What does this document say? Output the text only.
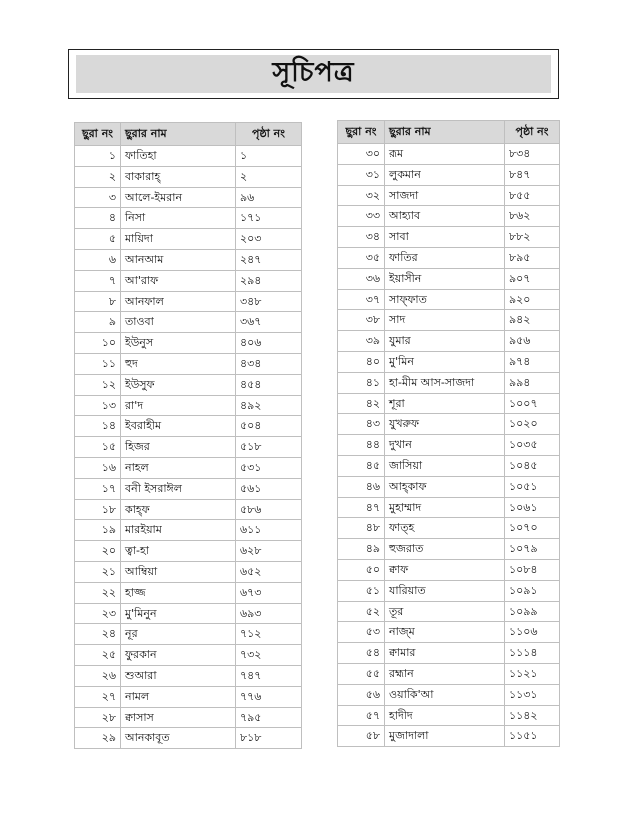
সূচিপত্র
ছুরা নং	ছুরার নাম	পৃষ্ঠা নং
১	ফাতিহা	১
২	বাকারাহ্	২
৩	আলে-ইমরান	৯৬
৪	নিসা	১৭১
৫	মায়িদা	২০৩
৬	আনআম	২৪৭
৭	আ'রাফ	২৯৪
৮	আনফাল	৩৪৮
৯	তাওবা	৩৬৭
১০	ইউনুস	৪০৬
১১	হুদ	৪৩৪
১২	ইউসুফ	৪৫৪
১৩	রা'দ	৪৯২
১৪	ইবরাহীম	৫০৪
১৫	হিজর	৫১৮
১৬	নাহল	৫৩১
১৭	বনী ইসরাঈল	৫৬১
১৮	কাহ্ফ	৫৮৬
১৯	মারইয়াম	৬১১
২০	ত্বা-হা	৬২৮
২১	আম্বিয়া	৬৫২
২২	হাজ্জ	৬৭৩
২৩	মু'মিনুন	৬৯৩
২৪	নূর	৭১২
২৫	ফুরকান	৭৩২
২৬	শুআরা	৭৪৭
২৭	নামল	৭৭৬
২৮	ক্বাসাস	৭৯৫
২৯	আনকাবূত	৮১৮
ছুরা নং	ছুরার নাম	পৃষ্ঠা নং
৩০	রূম	৮৩৪
৩১	লুকমান	৮৪৭
৩২	সাজদা	৮৫৫
৩৩	আহ্যাব	৮৬২
৩৪	সাবা	৮৮২
৩৫	ফাতির	৮৯৫
৩৬	ইয়াসীন	৯০৭
৩৭	সাফ্ফাত	৯২০
৩৮	সাদ	৯৪২
৩৯	যুমার	৯৫৬
৪০	মু'মিন	৯৭৪
৪১	হা-মীম আস-সাজদা	৯৯৪
৪২	শূরা	১০০৭
৪৩	যুখরুফ	১০২০
৪৪	দুখান	১০৩৫
৪৫	জাসিয়া	১০৪৫
৪৬	আহ্কাফ	১০৫১
৪৭	মুহাম্মাদ	১০৬১
৪৮	ফাত্হ	১০৭০
৪৯	হুজরাত	১০৭৯
৫০	ক্বাফ	১০৮৪
৫১	যারিয়াত	১০৯১
৫২	তূর	১০৯৯
৫৩	নাজ্ম	১১০৬
৫৪	ক্বামার	১১১৪
৫৫	রহ্মান	১১২১
৫৬	ওয়াকি'আ	১১৩১
৫৭	হাদীদ	১১৪২
৫৮	মুজাদালা	১১৫১
